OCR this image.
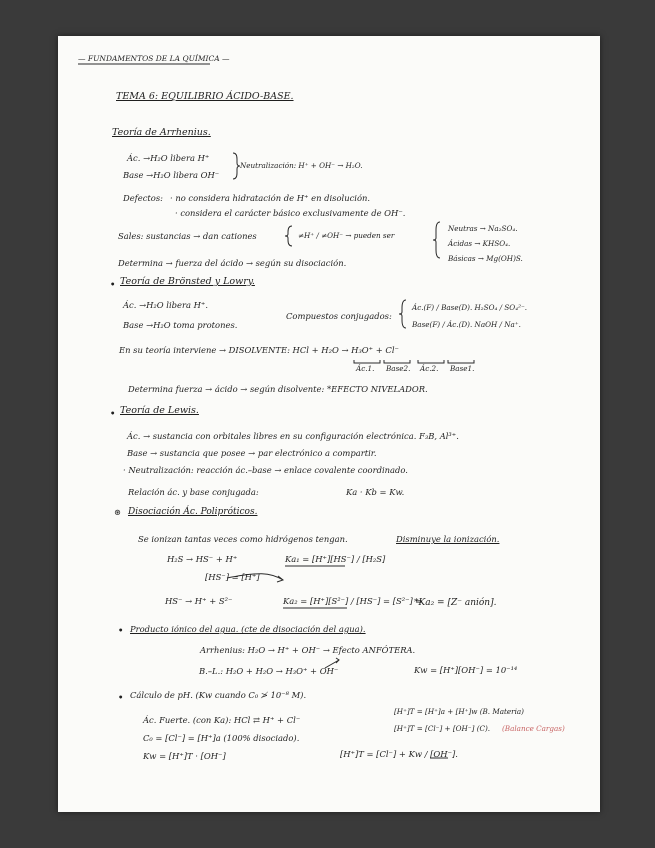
— FUNDAMENTOS DE LA QUÍMICA —
TEMA 6: EQUILIBRIO ÁCIDO-BASE.
Teoría de Arrhenius.
Ác. →H₂O libera H⁺
Base →H₂O libera OH⁻
Neutralización: H⁺ + OH⁻ → H₂O.
Defectos: · no considera hidratación de H⁺ en disolución.
· considera el carácter básico exclusivamente de OH⁻.
Sales: sustancias → dan cationes	≠H⁺ / ≠OH⁻ → pueden ser
Neutras → Na₂SO₄.
Ácidas → KHSO₄.
Básicas → Mg(OH)S.
Determina → fuerza del ácido → según su disociación.
• Teoría de Brönsted y Lowry.
Ác. →H₂O libera H⁺.
Base →H₂O toma protones.
Compuestos conjugados:
Ác.(F) / Base(D). H₂SO₄ / SO₄²⁻.
Base(F) / Ác.(D). NaOH / Na⁺.
En su teoría interviene → DISOLVENTE: HCl + H₂O → H₃O⁺ + Cl⁻
Ác.1. Base2. Ác.2. Base1.
Determina fuerza → ácido → según disolvente: *EFECTO NIVELADOR.
• Teoría de Lewis.
Ác. → sustancia con orbitales libres en su configuración electrónica. F₃B, Al³⁺.
Base → sustancia que posee → par electrónico a compartir.
· Neutralización: reacción ác.–base → enlace covalente coordinado.
Relación ác. y base conjugada:	Ka · Kb = Kw.
⊛ Disociación Ác. Polipróticos.
Se ionizan tantas veces como hidrógenos tengan.	Disminuye la ionización.
H₂S → HS⁻ + H⁺	Ka₁ = [H⁺][HS⁻] / [H₂S]
[HS⁻] = [H⁺]
HS⁻ → H⁺ + S²⁻	Ka₂ = [H⁺][S²⁻] / [HS⁻] = [S²⁻] ⇒
*Ka₂ = [Z⁻ anión].
• Producto iónico del agua. (cte de disociación del agua).
Arrhenius: H₂O → H⁺ + OH⁻ → Efecto ANFÓTERA.
B.–L.: H₂O + H₂O → H₃O⁺ + OH⁻	Kw = [H⁺][OH⁻] = 10⁻¹⁴
• Cálculo de pH. (Kw cuando C₀ ≯ 10⁻⁸ M).
Ác. Fuerte. (con Ka): HCl ⇄ H⁺ + Cl⁻
[H⁺]T = [H⁺]a + [H⁺]w (B. Materia)
[H⁺]T = [Cl⁻] + [OH⁻] (C). (Balance Cargas)
C₀ = [Cl⁻] = [H⁺]a (100% disociado).
Kw = [H⁺]T · [OH⁻]	[H⁺]T = [Cl⁻] + Kw / [OH⁻].
